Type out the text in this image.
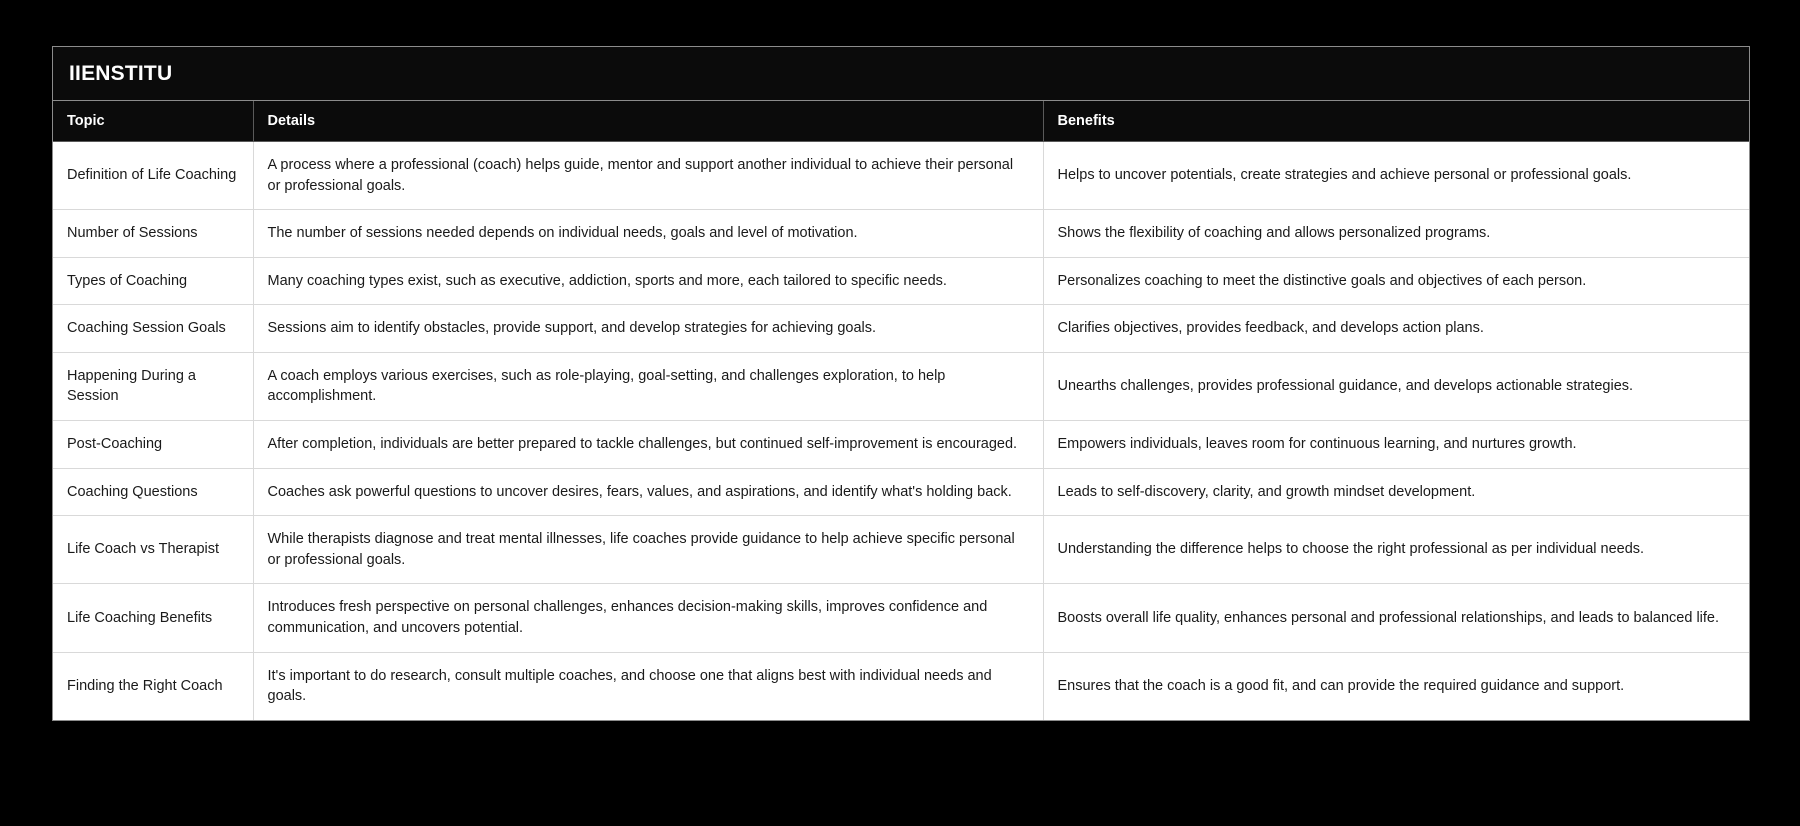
IIENSTITU
Topic	Details	Benefits
Definition of Life Coaching	A process where a professional (coach) helps guide, mentor and support another individual to achieve their personal or professional goals.	Helps to uncover potentials, create strategies and achieve personal or professional goals.
Number of Sessions	The number of sessions needed depends on individual needs, goals and level of motivation.	Shows the flexibility of coaching and allows personalized programs.
Types of Coaching	Many coaching types exist, such as executive, addiction, sports and more, each tailored to specific needs.	Personalizes coaching to meet the distinctive goals and objectives of each person.
Coaching Session Goals	Sessions aim to identify obstacles, provide support, and develop strategies for achieving goals.	Clarifies objectives, provides feedback, and develops action plans.
Happening During a Session	A coach employs various exercises, such as role-playing, goal-setting, and challenges exploration, to help accomplishment.	Unearths challenges, provides professional guidance, and develops actionable strategies.
Post-Coaching	After completion, individuals are better prepared to tackle challenges, but continued self-improvement is encouraged.	Empowers individuals, leaves room for continuous learning, and nurtures growth.
Coaching Questions	Coaches ask powerful questions to uncover desires, fears, values, and aspirations, and identify what's holding back.	Leads to self-discovery, clarity, and growth mindset development.
Life Coach vs Therapist	While therapists diagnose and treat mental illnesses, life coaches provide guidance to help achieve specific personal or professional goals.	Understanding the difference helps to choose the right professional as per individual needs.
Life Coaching Benefits	Introduces fresh perspective on personal challenges, enhances decision-making skills, improves confidence and communication, and uncovers potential.	Boosts overall life quality, enhances personal and professional relationships, and leads to balanced life.
Finding the Right Coach	It's important to do research, consult multiple coaches, and choose one that aligns best with individual needs and goals.	Ensures that the coach is a good fit, and can provide the required guidance and support.
